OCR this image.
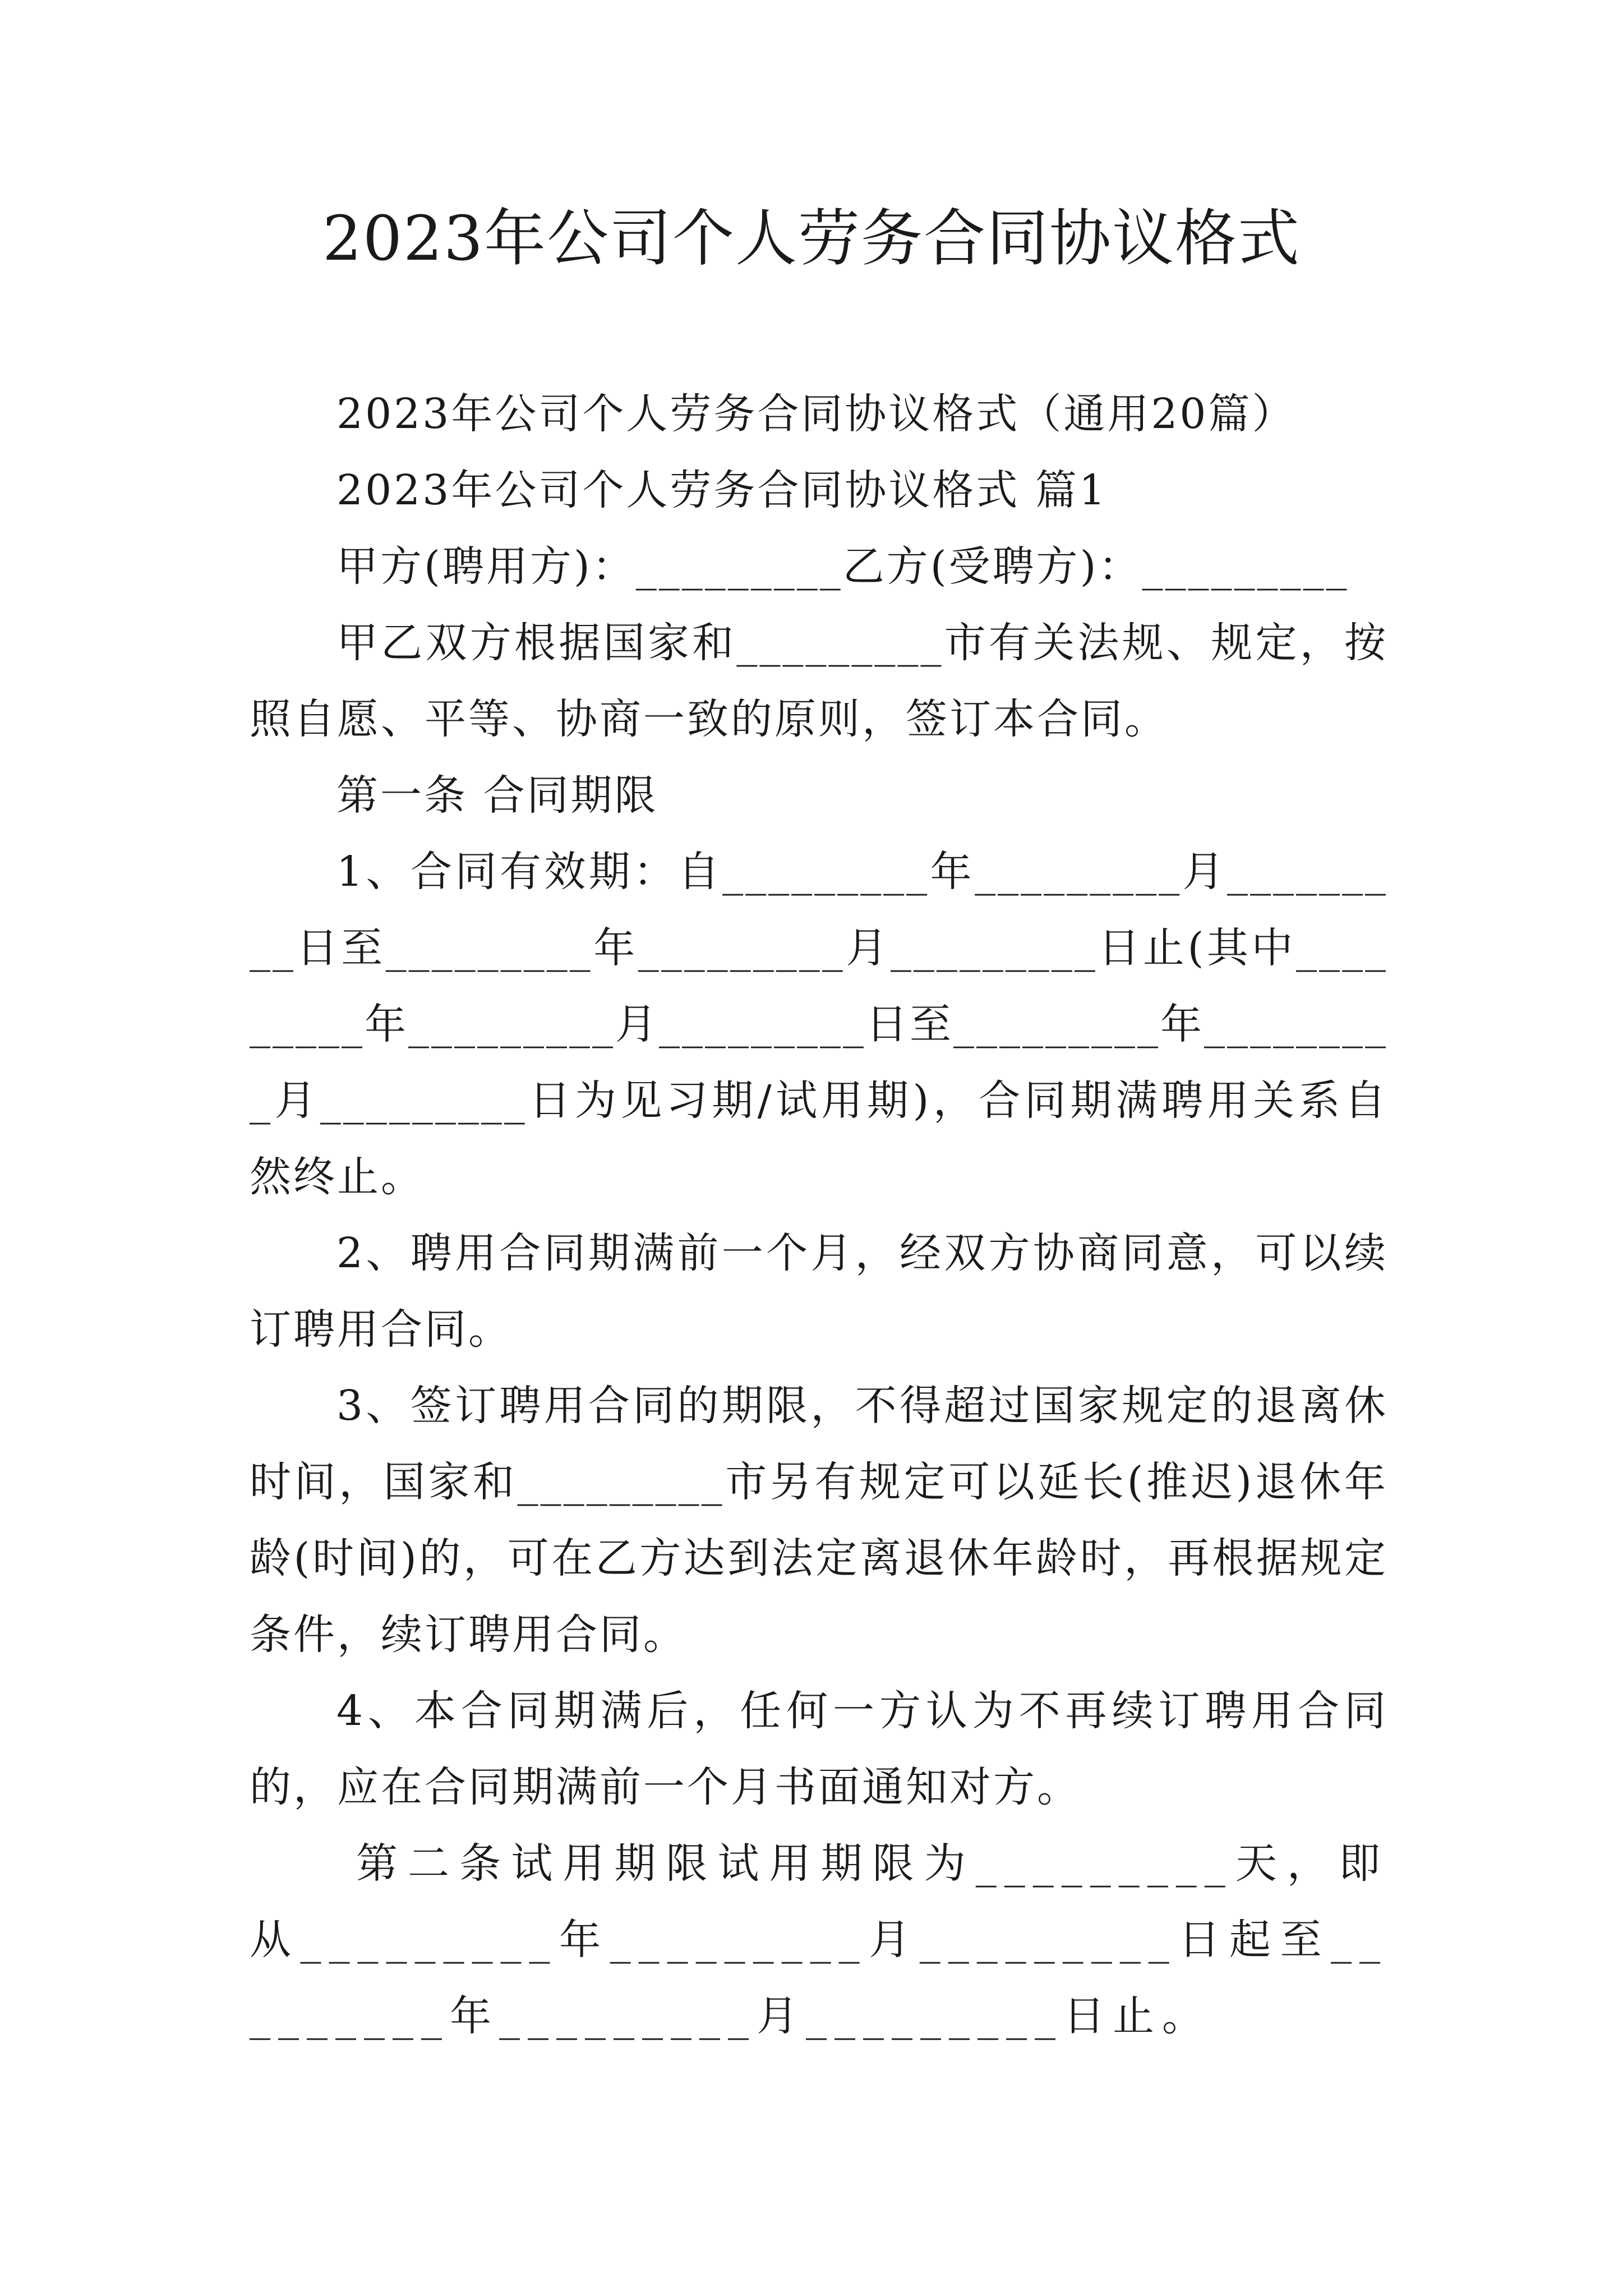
2023年公司个人劳务合同协议格式

2023年公司个人劳务合同协议格式（通用20篇）

2023年公司个人劳务合同协议格式 篇1

甲方(聘用方)：_________乙方(受聘方)：_________

甲乙双方根据国家和_________市有关法规、规定，按照自愿、平等、协商一致的原则，签订本合同。

第一条 合同期限

1、合同有效期：自_________年_________月_________日至_________年_________月_________日止(其中_________年_________月_________日至_________年_________月_________日为见习期/试用期)，合同期满聘用关系自然终止。

2、聘用合同期满前一个月，经双方协商同意，可以续订聘用合同。

3、签订聘用合同的期限，不得超过国家规定的退离休时间，国家和_________市另有规定可以延长(推迟)退休年龄(时间)的，可在乙方达到法定离退休年龄时，再根据规定条件，续订聘用合同。

4、本合同期满后，任何一方认为不再续订聘用合同的，应在合同期满前一个月书面通知对方。

第二条试用期限试用期限为_________天，即从_________年_________月_________日起至_________年_________月_________日止。
